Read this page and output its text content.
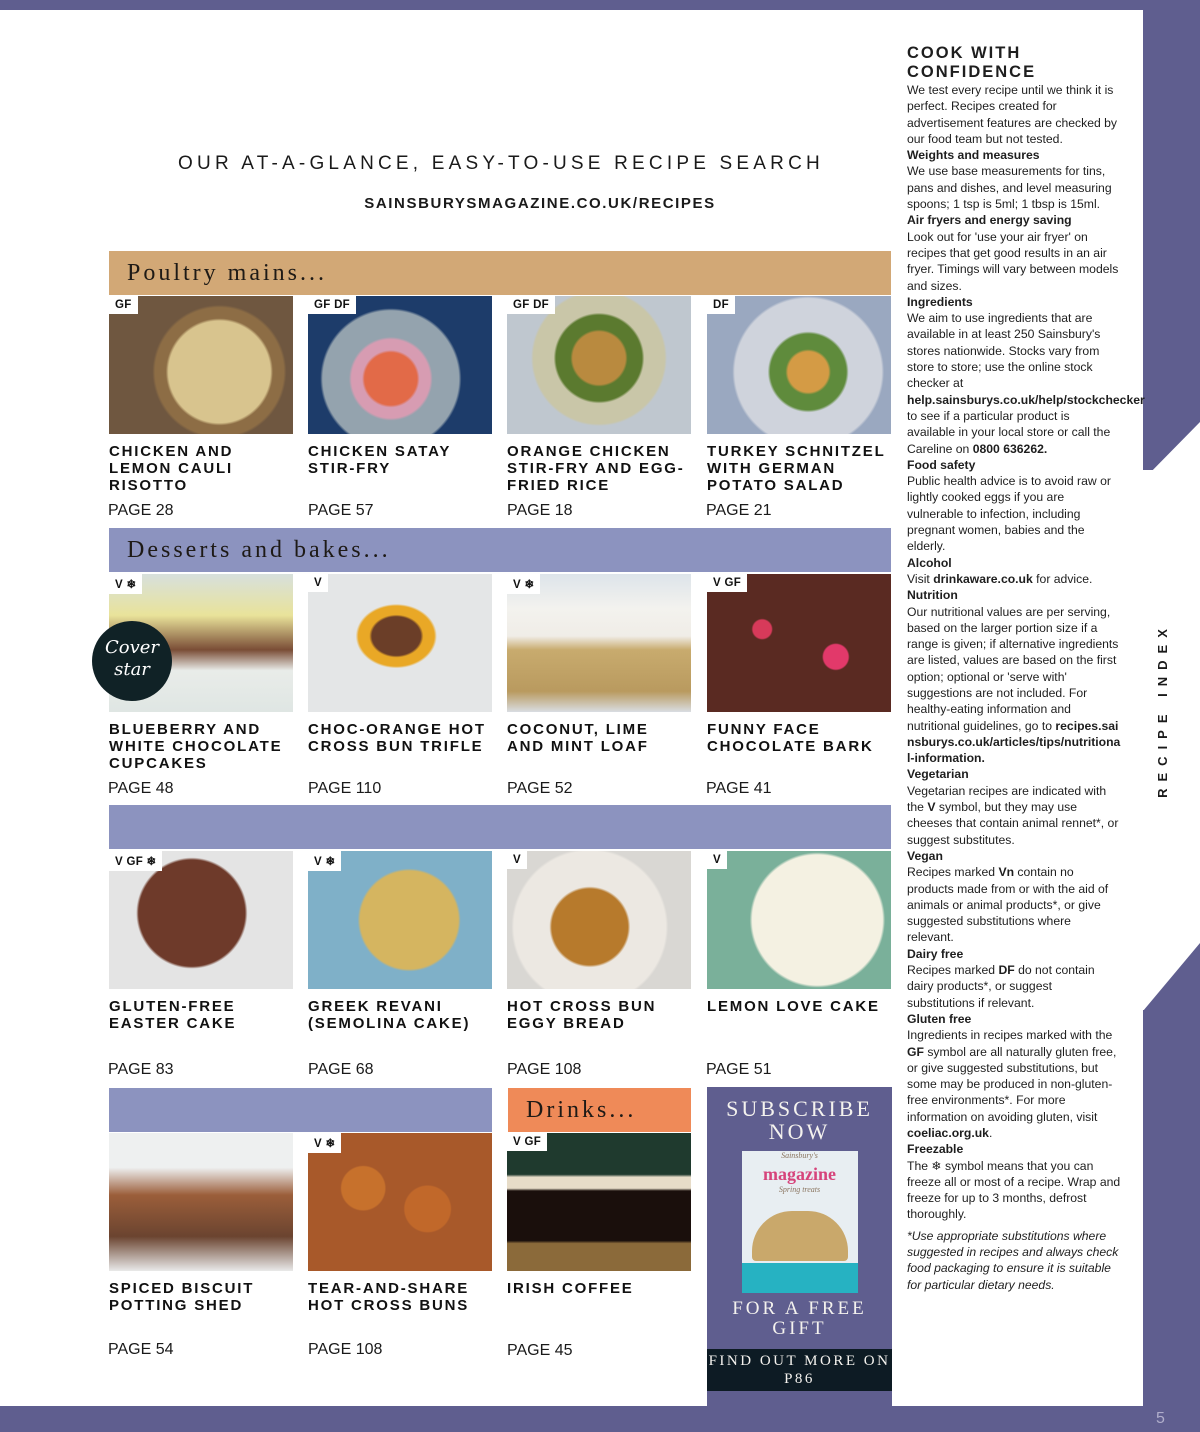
5
RECIPE INDEX
OUR AT-A-GLANCE, EASY-TO-USE RECIPE SEARCH
SAINSBURYSMAGAZINE.CO.UK/RECIPES
Poultry mains...
Desserts and bakes...
Drinks...
GF
CHICKEN AND LEMON CAULI RISOTTO
PAGE 28
GF DF
CHICKEN SATAY STIR-FRY
PAGE 57
GF DF
ORANGE CHICKEN STIR-FRY AND EGG-FRIED RICE
PAGE 18
DF
TURKEY SCHNITZEL WITH GERMAN POTATO SALAD
PAGE 21
V ❄
BLUEBERRY AND WHITE CHOCOLATE CUPCAKES
PAGE 48
Cover
star
V
CHOC-ORANGE HOT CROSS BUN TRIFLE
PAGE 110
V ❄
COCONUT, LIME AND MINT LOAF
PAGE 52
V GF
FUNNY FACE CHOCOLATE BARK
PAGE 41
V GF ❄
GLUTEN-FREE EASTER CAKE
PAGE 83
V ❄
GREEK REVANI (SEMOLINA CAKE)
PAGE 68
V
HOT CROSS BUN EGGY BREAD
PAGE 108
V
LEMON LOVE CAKE
PAGE 51
SPICED BISCUIT POTTING SHED
PAGE 54
V ❄
TEAR-AND-SHARE HOT CROSS BUNS
PAGE 108
V GF
IRISH COFFEE
PAGE 45
SUBSCRIBE NOW
Sainsbury's
magazine
Spring treats
FOR A FREE GIFT
FIND OUT MORE ON P86
COOK WITH CONFIDENCE

We test every recipe until we think it is perfect. Recipes created for advertisement features are checked by our food team but not tested.

Weights and measures

We use base measurements for tins, pans and dishes, and level measuring spoons; 1 tsp is 5ml; 1 tbsp is 15ml.

Air fryers and energy saving

Look out for 'use your air fryer' on recipes that get good results in an air fryer. Timings will vary between models and sizes.

Ingredients

We aim to use ingredients that are available in at least 250 Sainsbury's stores nationwide. Stocks vary from store to store; use the online stock checker at help.sainsburys.co.uk/help/stockchecker to see if a particular product is available in your local store or call the Careline on 0800 636262.

Food safety

Public health advice is to avoid raw or lightly cooked eggs if you are vulnerable to infection, including pregnant women, babies and the elderly.

Alcohol

Visit drinkaware.co.uk for advice.

Nutrition

Our nutritional values are per serving, based on the larger portion size if a range is given; if alternative ingredients are listed, values are based on the first option; optional or 'serve with' suggestions are not included. For healthy-eating information and nutritional guidelines, go to recipes.sainsburys.co.uk/articles/tips/nutritional-information.

Vegetarian

Vegetarian recipes are indicated with the V symbol, but they may use cheeses that contain animal rennet*, or suggest substitutes.

Vegan

Recipes marked Vn contain no products made from or with the aid of animals or animal products*, or give suggested substitutions where relevant.

Dairy free

Recipes marked DF do not contain dairy products*, or suggest substitutions if relevant.

Gluten free

Ingredients in recipes marked with the GF symbol are all naturally gluten free, or give suggested substitutions, but some may be produced in non-gluten-free environments*. For more information on avoiding gluten, visit coeliac.org.uk.

Freezable

The ❄ symbol means that you can freeze all or most of a recipe. Wrap and freeze for up to 3 months, defrost thoroughly.

*Use appropriate substitutions where suggested in recipes and always check food packaging to ensure it is suitable for particular dietary needs.
